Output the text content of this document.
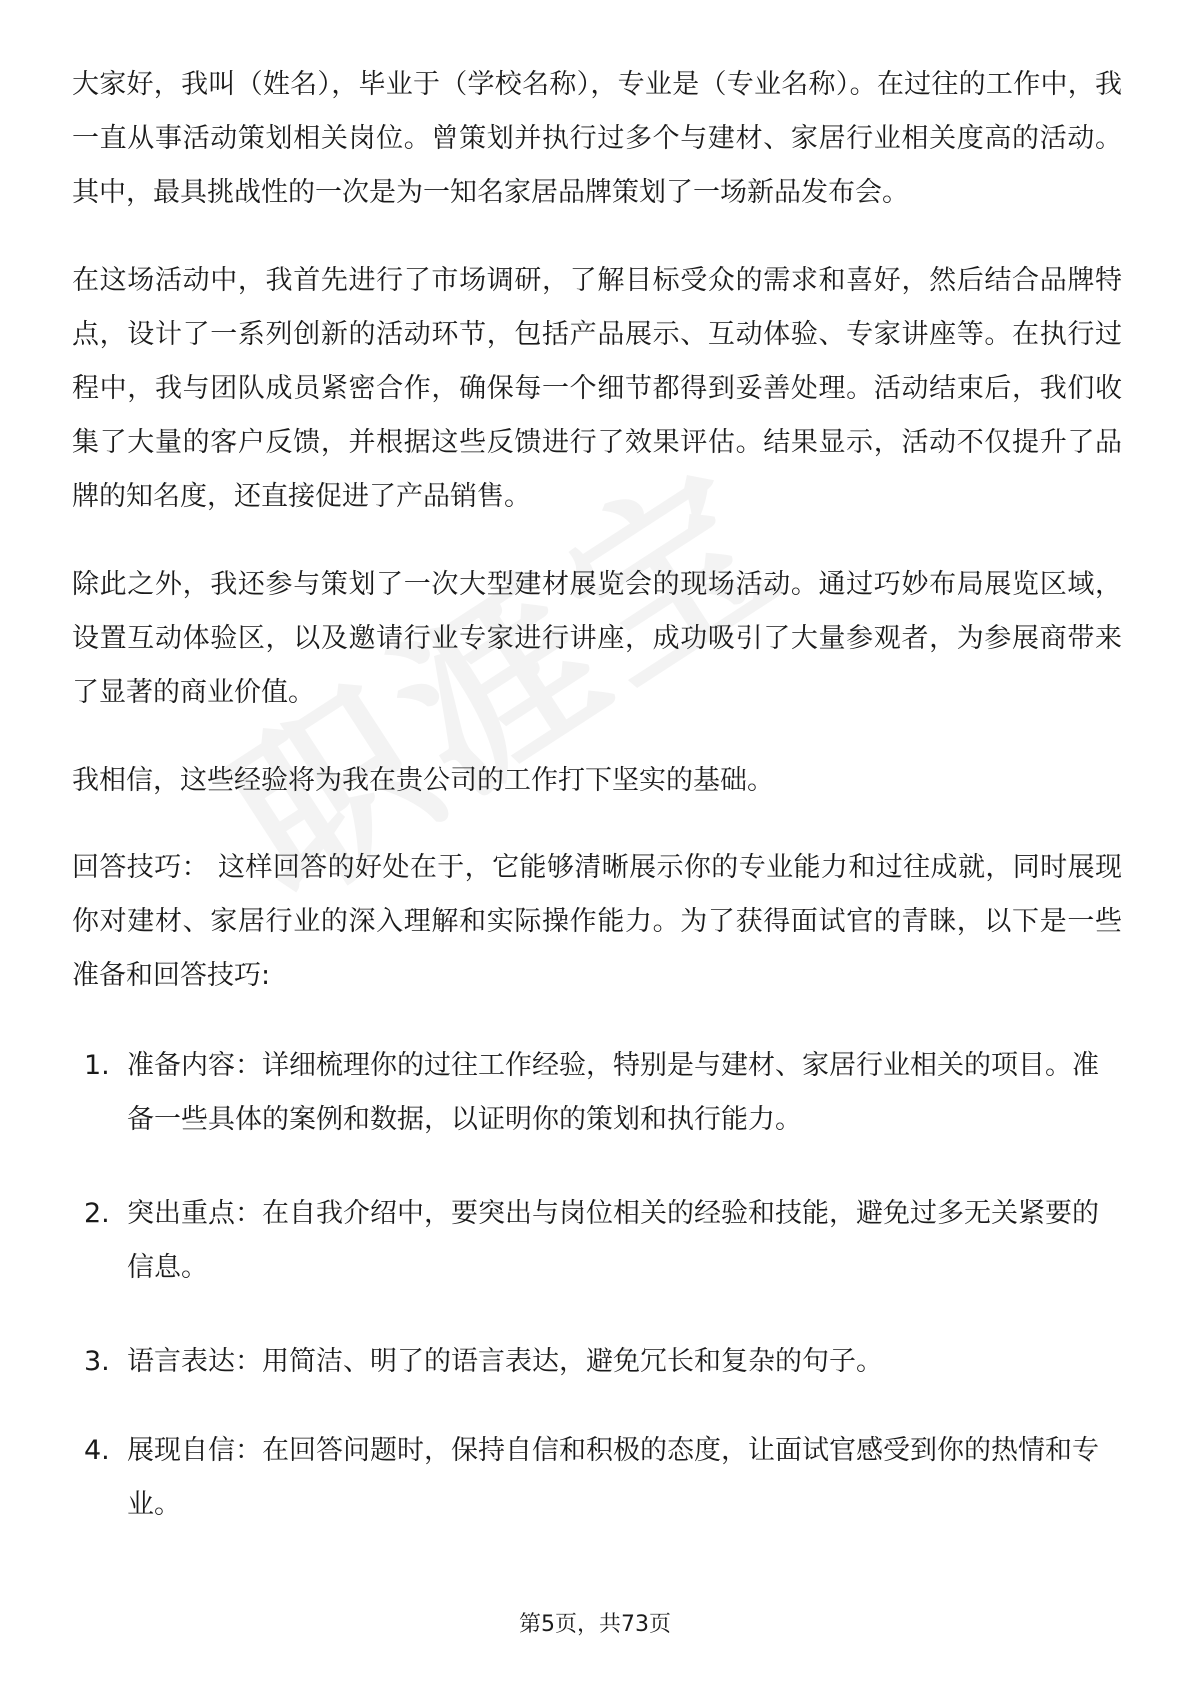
大家好，我叫（姓名），毕业于（学校名称），专业是（专业名称）。在过往的工作中，我一直从事活动策划相关岗位。曾策划并执行过多个与建材、家居行业相关度高的活动。其中，最具挑战性的一次是为一知名家居品牌策划了一场新品发布会。

在这场活动中，我首先进行了市场调研，了解目标受众的需求和喜好，然后结合品牌特点，设计了一系列创新的活动环节，包括产品展示、互动体验、专家讲座等。在执行过程中，我与团队成员紧密合作，确保每一个细节都得到妥善处理。活动结束后，我们收集了大量的客户反馈，并根据这些反馈进行了效果评估。结果显示，活动不仅提升了品牌的知名度，还直接促进了产品销售。

除此之外，我还参与策划了一次大型建材展览会的现场活动。通过巧妙布局展览区域，设置互动体验区，以及邀请行业专家进行讲座，成功吸引了大量参观者，为参展商带来了显著的商业价值。

我相信，这些经验将为我在贵公司的工作打下坚实的基础。

回答技巧： 这样回答的好处在于，它能够清晰展示你的专业能力和过往成就，同时展现你对建材、家居行业的深入理解和实际操作能力。为了获得面试官的青睐，以下是一些准备和回答技巧:

1. 准备内容：详细梳理你的过往工作经验，特别是与建材、家居行业相关的项目。准备一些具体的案例和数据，以证明你的策划和执行能力。
2. 突出重点：在自我介绍中，要突出与岗位相关的经验和技能，避免过多无关紧要的信息。
3. 语言表达：用简洁、明了的语言表达，避免冗长和复杂的句子。
4. 展现自信：在回答问题时，保持自信和积极的态度，让面试官感受到你的热情和专业。
第5页，共73页
